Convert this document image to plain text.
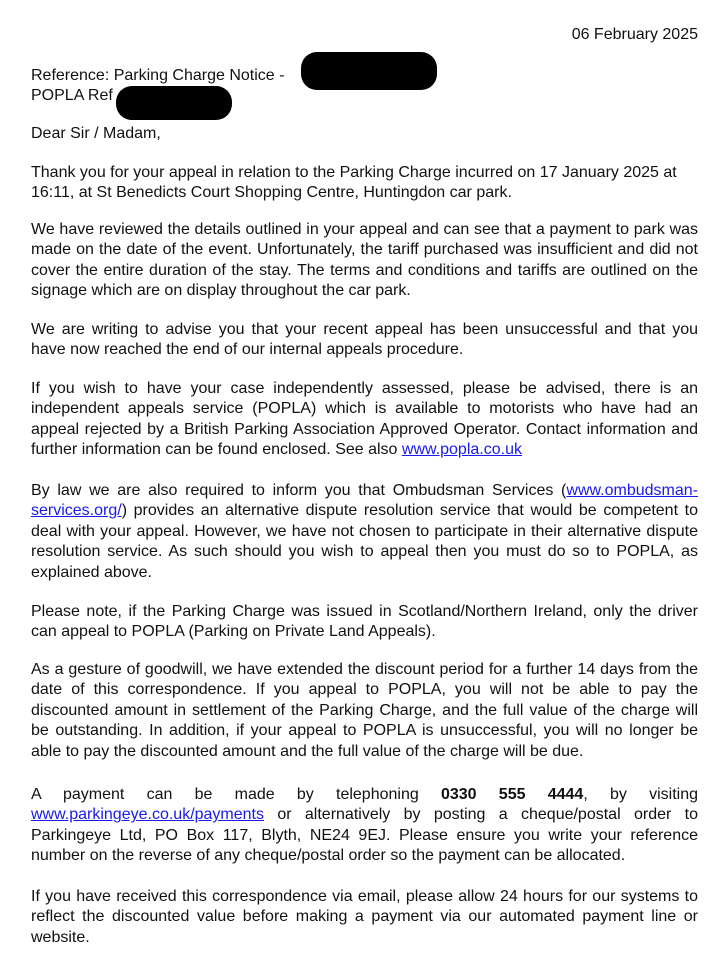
06 February 2025
Reference: Parking Charge Notice -
POPLA Ref
Dear Sir / Madam,
Thank you for your appeal in relation to the Parking Charge incurred on 17 January 2025 at 16:11, at St Benedicts Court Shopping Centre, Huntingdon car park.
We have reviewed the details outlined in your appeal and can see that a payment to park was made on the date of the event. Unfortunately, the tariff purchased was insufficient and did not cover the entire duration of the stay. The terms and conditions and tariffs are outlined on the signage which are on display throughout the car park.
We are writing to advise you that your recent appeal has been unsuccessful and that you have now reached the end of our internal appeals procedure.
If you wish to have your case independently assessed, please be advised, there is an independent appeals service (POPLA) which is available to motorists who have had an appeal rejected by a British Parking Association Approved Operator. Contact information and further information can be found enclosed. See also www.popla.co.uk
By law we are also required to inform you that Ombudsman Services (www.ombudsman-services.org/) provides an alternative dispute resolution service that would be competent to deal with your appeal. However, we have not chosen to participate in their alternative dispute resolution service. As such should you wish to appeal then you must do so to POPLA, as explained above.
Please note, if the Parking Charge was issued in Scotland/Northern Ireland, only the driver can appeal to POPLA (Parking on Private Land Appeals).
As a gesture of goodwill, we have extended the discount period for a further 14 days from the date of this correspondence. If you appeal to POPLA, you will not be able to pay the discounted amount in settlement of the Parking Charge, and the full value of the charge will be outstanding. In addition, if your appeal to POPLA is unsuccessful, you will no longer be able to pay the discounted amount and the full value of the charge will be due.
A payment can be made by telephoning 0330 555 4444, by visiting www.parkingeye.co.uk/payments or alternatively by posting a cheque/postal order to Parkingeye Ltd, PO Box 117, Blyth, NE24 9EJ. Please ensure you write your reference number on the reverse of any cheque/postal order so the payment can be allocated.
If you have received this correspondence via email, please allow 24 hours for our systems to reflect the discounted value before making a payment via our automated payment line or website.
